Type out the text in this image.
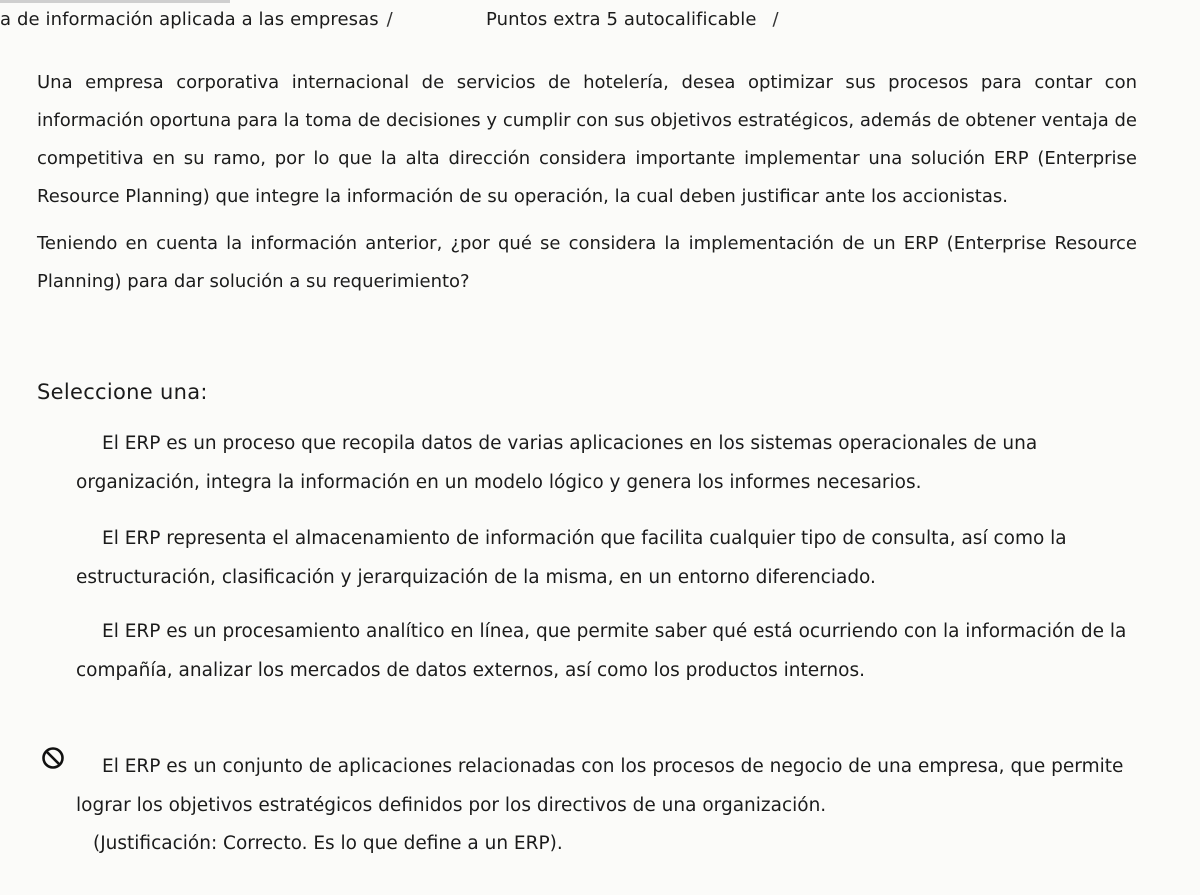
a de información aplicada a las empresas /	Puntos extra 5 autocalificable /

Una empresa corporativa internacional de servicios de hotelería, desea optimizar sus procesos para contar con información oportuna para la toma de decisiones y cumplir con sus objetivos estratégicos, además de obtener ventaja de competitiva en su ramo, por lo que la alta dirección considera importante implementar una solución ERP (Enterprise Resource Planning) que integre la información de su operación, la cual deben justificar ante los accionistas.

Teniendo en cuenta la información anterior, ¿por qué se considera la implementación de un ERP (Enterprise Resource Planning) para dar solución a su requerimiento?

Seleccione una:
El ERP es un proceso que recopila datos de varias aplicaciones en los sistemas operacionales de una organización, integra la información en un modelo lógico y genera los informes necesarios.
El ERP representa el almacenamiento de información que facilita cualquier tipo de consulta, así como la estructuración, clasificación y jerarquización de la misma, en un entorno diferenciado.
El ERP es un procesamiento analítico en línea, que permite saber qué está ocurriendo con la información de la compañía, analizar los mercados de datos externos, así como los productos internos.
El ERP es un conjunto de aplicaciones relacionadas con los procesos de negocio de una empresa, que permite lograr los objetivos estratégicos definidos por los directivos de una organización.
(Justificación: Correcto. Es lo que define a un ERP).
